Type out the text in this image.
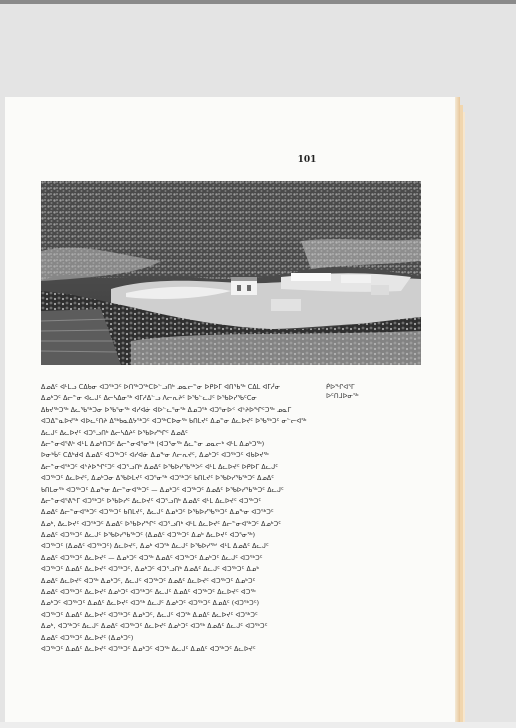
101
ᑮᐅᖏᐊᕐᒥ
ᐅᑦᑎᒧᐅᓂᖅ
ᐃᓄᐃᑦ ᐊᒻᒪᓗ ᑕᐃᑲᓂ ᐊᑐᖅᑐᑦ ᐅᑎᖅᑐᖅᑕᐅᓪᓗᑎᒃ ᓄᓇᓕᓐᓂ ᐅᑭᐅᒥ ᐊᑎᖃᖅ ᑕᐃᒪ ᐊᒥᓲᓂ
ᐃᓄᒃᑐᑦ ᐃᓕᓐᓂ ᐊᓚᒍᑦ ᐃᓕᓴᐃᓂᖅ ᐊᒥᓱᐃᓪᓗ ᐱᓕᕆᔨᑦ ᐅᖃᓪᓚᒍᑦ ᐅᖃᐅᓯᖃᑦᑕᓂ
ᐃᑲᔪᖅᑐᖅ ᐃᓚᖃᖅᑐᓂ ᐅᖃᕐᓂᖅ ᐊᓯᐊᓃ ᐊᐅᓪᓚᕐᓂᖅ ᐃᓄᑐᖅ ᐊᑐᕐᓂᐅᑉ ᐊᔾᔨᐅᖏᑦᑐᖅ ᓄᓇᒥ
ᐊᑐᐃᓐᓇᐅᔪᖅ ᐊᐅᓚᑦᑎᔨ ᐃᖅᑲᓇᐃᔭᖅᑐᑦ ᐊᑐᖅᑕᐅᓂᖅ ᑲᑎᒪᔪᑦ ᐃᓄᓐᓂ ᐃᓚᐅᔪᑦ ᐅᖃᖅᑐᑦ ᓂᓪᓕᐊᖅ
ᐃᓚᒍᑦ ᐃᓚᐅᔪᑦ ᐊᑐᕐᓗᑎᒃ ᐃᓕᓴᐃᔨᑦ ᐅᖃᐅᓯᖏᑦ ᐃᓄᐃᑦ
ᐃᓕᓐᓂᐊᕐᕕᒃ ᐊᒻᒪ ᐃᓄᒃᑎᑐᑦ ᐃᓕᓐᓂᐊᕐᓂᖅ (ᐊᑐᕐᓂᖅ ᐃᓚᓐᓂ ᓄᓇᓕᒃ ᐊᒻᒪ ᐃᓄᒃᑐᖅ)
ᐅᓂᒃᑳᑦ ᑕᐃᒃᑯᐊ ᐃᓄᐃᑦ ᐊᑐᖅᑐᑦ ᐊᓯᐊᓃ ᐃᓄᖕᓂ ᐱᓕᕆᔪᑦ, ᐃᓄᒃᑐᑦ ᐊᑐᖅᑐᑦ ᐊᑲᐅᔪᖅ
ᐃᓕᓐᓂᐊᖅᑐᑦ ᐊᔾᔨᐅᖏᑦᑐᑦ ᐊᑐᕐᓗᑎᒃ ᐃᓄᐃᑦ ᐅᖃᐅᓯᖃᖅᐳᑦ ᐊᒻᒪ ᐃᓚᐅᔪᑦ ᐅᑭᐅᒥ ᐃᓚᒍᑦ
ᐊᑐᖅᑐᑦ ᐃᓚᐅᔪᑦ, ᐃᓄᒃᑐᓂ ᐃᖃᐅᒪᔪᑦ ᐊᑐᕐᓂᖅ ᐊᑐᖅᑐᑦ ᑲᑎᒪᔪᑦ ᐅᖃᐅᓯᖃᖅᑐᑦ ᐃᓄᐃᑦ
ᑲᑎᒪᓂᖅ ᐊᑐᖅᑐᑦ ᐃᓄᖕᓂ ᐃᓕᓐᓂᐊᖅᑐᑦ — ᐃᓄᒃᑐᑦ ᐊᑐᖅᑐᑦ ᐃᓄᐃᑦ ᐅᖃᐅᓯᖃᖅᑐᑦ ᐃᓚᒍᑦ
ᐃᓕᓐᓂᐊᕐᕕᖕᒥ ᐊᑐᖅᑐᑦ ᐅᖃᐅᓯᑦ ᐃᓚᐅᔪᑦ ᐊᑐᕐᓗᑎᒃ ᐃᓄᐃᑦ ᐊᒻᒪ ᐃᓚᐅᔪᑦ ᐊᑐᖅᑐᑦ
ᐃᓄᐃᑦ ᐃᓕᓐᓂᐊᖅᑐᑦ ᐊᑐᖅᑐᑦ ᑲᑎᒪᔪᑦ, ᐃᓚᒍᑦ ᐃᓄᒃᑐᑦ ᐅᖃᐅᓯᖃᖅᑐᑦ ᐃᓄᖕᓂ ᐊᑐᖅᑐᑦ
ᐃᓄᒃ, ᐃᓚᐅᔪᑦ ᐊᑐᖅᑐᑦ ᐃᓄᐃᑦ ᐅᖃᐅᓯᖏᑦ ᐊᑐᕐᓗᑎᒃ ᐊᒻᒪ ᐃᓚᐅᔪᑦ ᐃᓕᓐᓂᐊᖅᑐᑦ ᐃᓄᒃᑐᑦ
ᐃᓄᐃᑦ ᐊᑐᖅᑐᑦ ᐃᓚᒍᑦ ᐅᖃᐅᓯᖃᖅᑐᑦ (ᐃᓄᐃᑦ ᐊᑐᖅᑐᑦ ᐃᓄᒃ ᐃᓚᐅᔪᑦ ᐊᑐᕐᓂᖅ)
ᐊᑐᖅᑐᑦ (ᐃᓄᐃᑦ ᐊᑐᖅᑐᑦ) ᐃᓚᐅᔪᑦ, ᐃᓄᒃ ᐊᑐᖅ ᐃᓚᒍᑦ ᐅᖃᐅᓯᖅ' ᐊᒻᒪ ᐃᓄᐃᑦ ᐃᓚᒍᑦ
ᐃᓄᐃᑦ ᐊᑐᖅᑐᑦ ᐃᓚᐅᔪᑦ — ᐃᓄᒃᑐᑦ ᐊᑐᖅ ᐃᓄᐃᑦ ᐊᑐᖅᑐᑦ ᐃᓄᒃᑐᑦ ᐃᓚᒍᑦ ᐊᑐᖅᑐᑦ
ᐊᑐᖅᑐᑦ ᐃᓄᐃᑦ ᐃᓚᐅᔪᑦ ᐊᑐᖅᑐᑦ, ᐃᓄᒃᑐᑦ ᐊᑐᕐᓗᑎᒃ ᐃᓄᐃᑦ ᐃᓚᒍᑦ ᐊᑐᖅᑐᑦ ᐃᓄᒃ
ᐃᓄᐃᑦ ᐃᓚᐅᔪᑦ ᐊᑐᖅ ᐃᓄᒃᑐᑦ, ᐃᓚᒍᑦ ᐊᑐᖅᑐᑦ ᐃᓄᐃᑦ ᐃᓚᐅᔪᑦ ᐊᑐᖅᑐᑦ ᐃᓄᒃᑐᑦ
ᐃᓄᐃᑦ ᐊᑐᖅᑐᑦ ᐃᓚᐅᔪᑦ ᐃᓄᒃᑐᑦ ᐊᑐᖅᑐᑦ ᐃᓚᒍᑦ ᐃᓄᐃᑦ ᐊᑐᖅᑐᑦ ᐃᓚᐅᔪᑦ ᐊᑐᖅ
ᐃᓄᒃᑐᑦ ᐊᑐᖅᑐᑦ ᐃᓄᐃᑦ ᐃᓚᐅᔪᑦ ᐊᑐᖅ ᐃᓚᒍᑦ ᐃᓄᒃᑐᑦ ᐊᑐᖅᑐᑦ ᐃᓄᐃᑦ (ᐊᑐᖅᑐᑦ)
ᐊᑐᖅᑐᑦ ᐃᓄᐃᑦ ᐃᓚᐅᔪᑦ ᐊᑐᖅᑐᑦ ᐃᓄᒃᑐᑦ, ᐃᓚᒍᑦ ᐊᑐᖅ ᐃᓄᐃᑦ ᐃᓚᐅᔪᑦ ᐊᑐᖅᑐᑦ
ᐃᓄᒃ, ᐊᑐᖅᑐᑦ ᐃᓚᒍᑦ ᐃᓄᐃᑦ ᐊᑐᖅᑐᑦ ᐃᓚᐅᔪᑦ ᐃᓄᒃᑐᑦ ᐊᑐᖅ ᐃᓄᐃᑦ ᐃᓚᒍᑦ ᐊᑐᖅᑐᑦ
ᐃᓄᐃᑦ ᐊᑐᖅᑐᑦ ᐃᓚᐅᔪᑦ (ᐃᓄᒃᑐᑦ)
ᐊᑐᖅᑐᑦ ᐃᓄᐃᑦ ᐃᓚᐅᔪᑦ ᐊᑐᖅᑐᑦ ᐃᓄᒃᑐᑦ ᐊᑐᖅ ᐃᓚᒍᑦ ᐃᓄᐃᑦ ᐊᑐᖅᑐᑦ ᐃᓚᐅᔪᑦ
